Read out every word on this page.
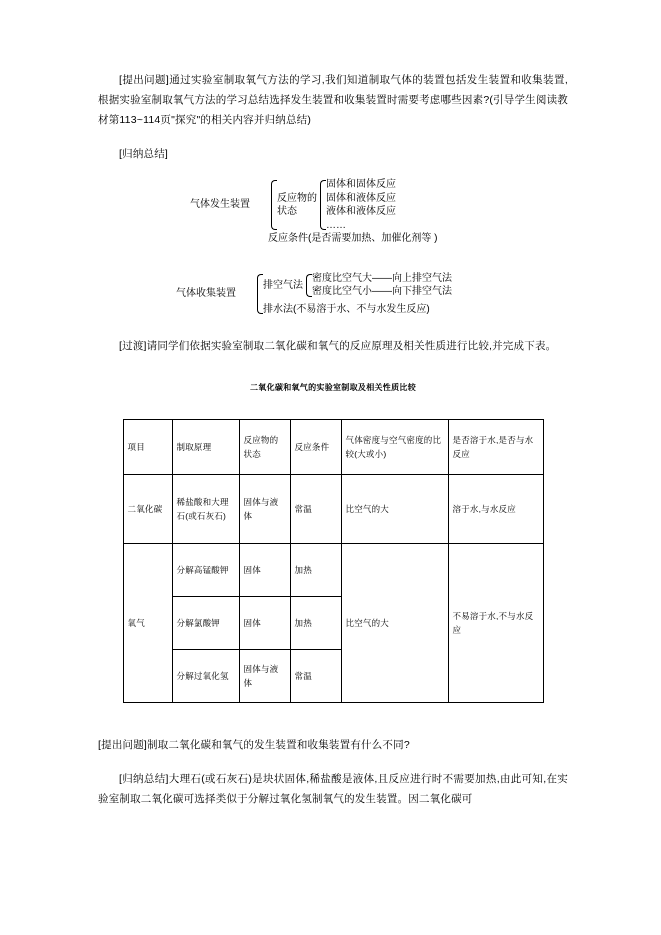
[提出问题]通过实验室制取氧气方法的学习,我们知道制取气体的装置包括发生装置和收集装置,根据实验室制取氧气方法的学习总结选择发生装置和收集装置时需要考虑哪些因素?(引导学生阅读教材第113~114页"探究"的相关内容并归纳总结)

[归纳总结]

气体发生装置
反应物的状态
固体和固体反应
固体和液体反应
液体和液体反应
……
反应条件(是否需要加热、加催化剂等 )
气体收集装置
排空气法
密度比空气大——向上排空气法
密度比空气小——向下排空气法
排水法(不易溶于水、不与水发生反应)

[过渡]请同学们依据实验室制取二氧化碳和氧气的反应原理及相关性质进行比较,并完成下表。

二氧化碳和氧气的实验室制取及相关性质比较
项目	制取原理	反应物的状态	反应条件	气体密度与空气密度的比较(大或小)	是否溶于水,是否与水反应
二氧化碳	稀盐酸和大理石(或石灰石)	固体与液体	常温	比空气的大	溶于水,与水反应
氧气	分解高锰酸钾	固体	加热	比空气的大	不易溶于水,不与水反应
	分解氯酸钾	固体	加热		
	分解过氧化氢	固体与液体	常温		

[提出问题]制取二氧化碳和氧气的发生装置和收集装置有什么不同?

[归纳总结]大理石(或石灰石)是块状固体,稀盐酸是液体,且反应进行时不需要加热,由此可知,在实验室制取二氧化碳可选择类似于分解过氧化氢制氧气的发生装置。因二氧化碳可
